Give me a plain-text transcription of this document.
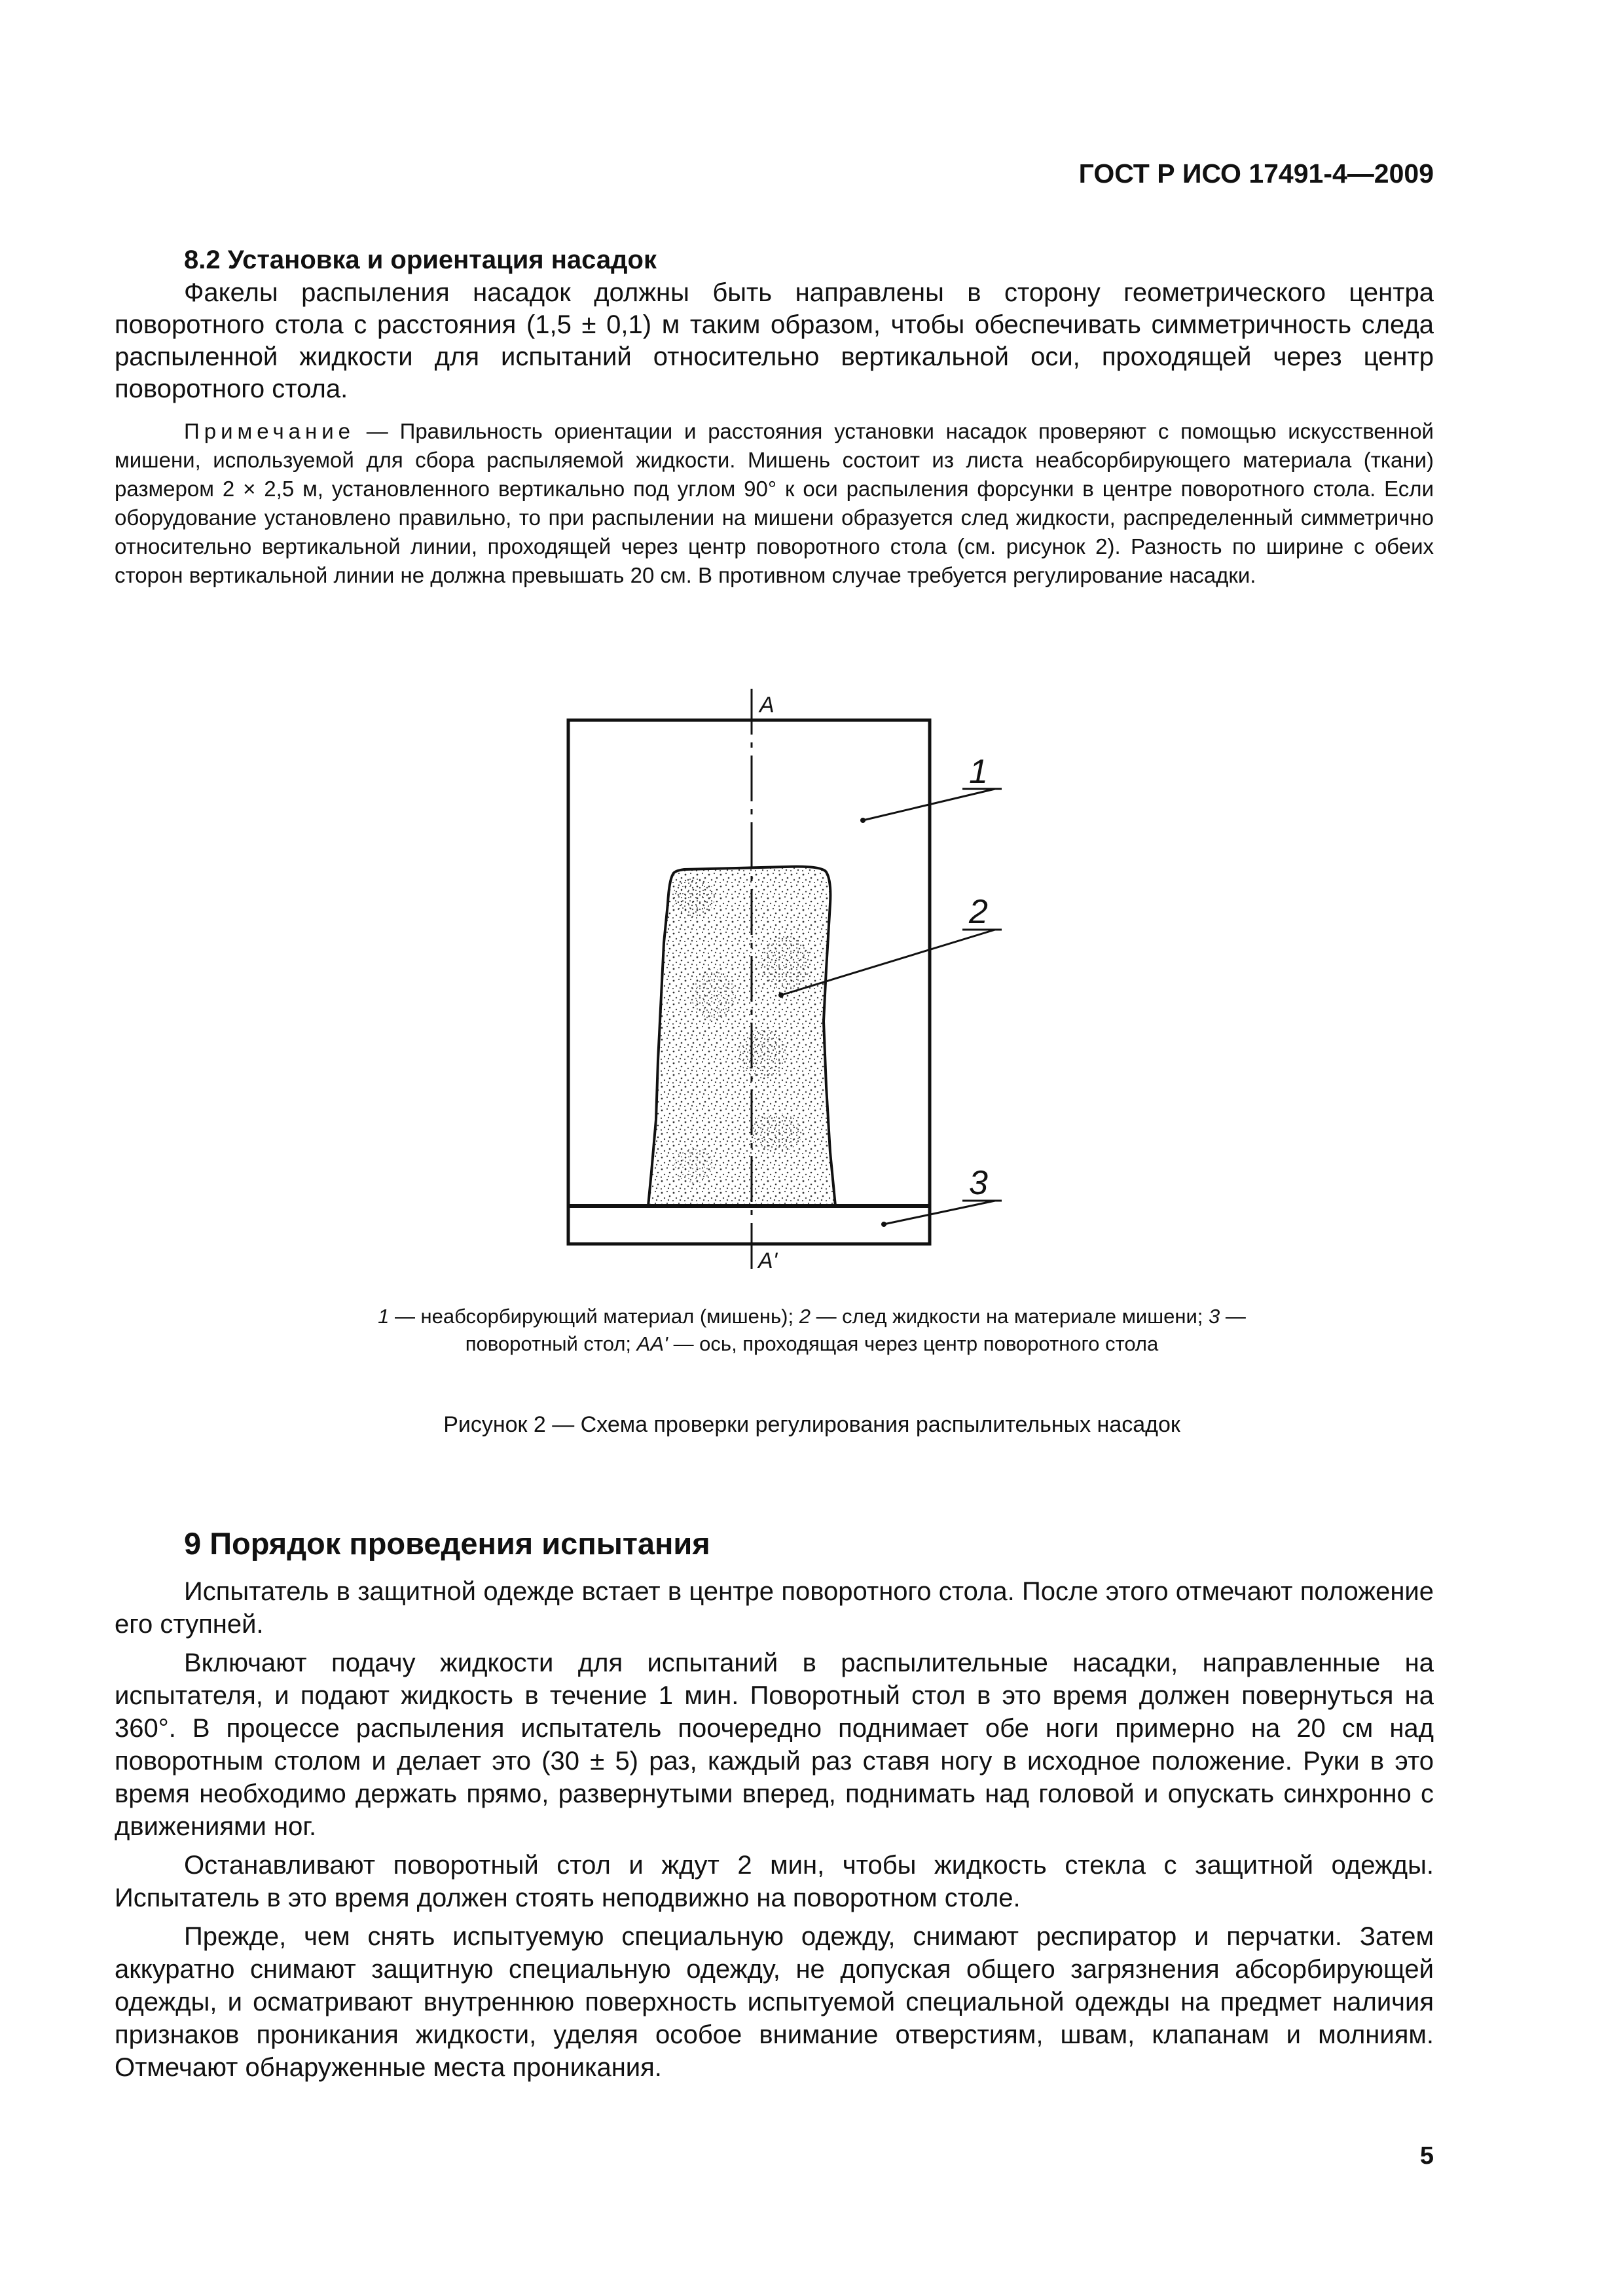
ГОСТ Р ИСО 17491-4—2009
8.2 Установка и ориентация насадок

Факелы распыления насадок должны быть направлены в сторону геометрического центра поворотного стола с расстояния (1,5 ± 0,1) м таким образом, чтобы обеспечивать симметричность следа распыленной жидкости для испытаний относительно вертикальной оси, проходящей через центр поворотного стола.

Примечание — Правильность ориентации и расстояния установки насадок проверяют с помощью искусственной мишени, используемой для сбора распыляемой жидкости. Мишень состоит из листа неабсорбирующего материала (ткани) размером 2 × 2,5 м, установленного вертикально под углом 90° к оси распыления форсунки в центре поворотного стола. Если оборудование установлено правильно, то при распылении на мишени образуется след жидкости, распределенный симметрично относительно вертикальной линии, проходящей через центр поворотного стола (см. рисунок 2). Разность по ширине с обеих сторон вертикальной линии не должна превышать 20 см. В противном случае требуется регулирование насадки.

A
A'
1
2
3
1 — неабсорбирующий материал (мишень); 2 — след жидкости на материале мишени; 3 — поворотный стол; AA' — ось, проходящая через центр поворотного стола
Рисунок 2 — Схема проверки регулирования распылительных насадок
9 Порядок проведения испытания

Испытатель в защитной одежде встает в центре поворотного стола. После этого отмечают положение его ступней.

Включают подачу жидкости для испытаний в распылительные насадки, направленные на испытателя, и подают жидкость в течение 1 мин. Поворотный стол в это время должен повернуться на 360°. В процессе распыления испытатель поочередно поднимает обе ноги примерно на 20 см над поворотным столом и делает это (30 ± 5) раз, каждый раз ставя ногу в исходное положение. Руки в это время необходимо держать прямо, развернутыми вперед, поднимать над головой и опускать синхронно с движениями ног.

Останавливают поворотный стол и ждут 2 мин, чтобы жидкость стекла с защитной одежды. Испытатель в это время должен стоять неподвижно на поворотном столе.

Прежде, чем снять испытуемую специальную одежду, снимают респиратор и перчатки. Затем аккуратно снимают защитную специальную одежду, не допуская общего загрязнения абсорбирующей одежды, и осматривают внутреннюю поверхность испытуемой специальной одежды на предмет наличия признаков проникания жидкости, уделяя особое внимание отверстиям, швам, клапанам и молниям. Отмечают обнаруженные места проникания.

5
